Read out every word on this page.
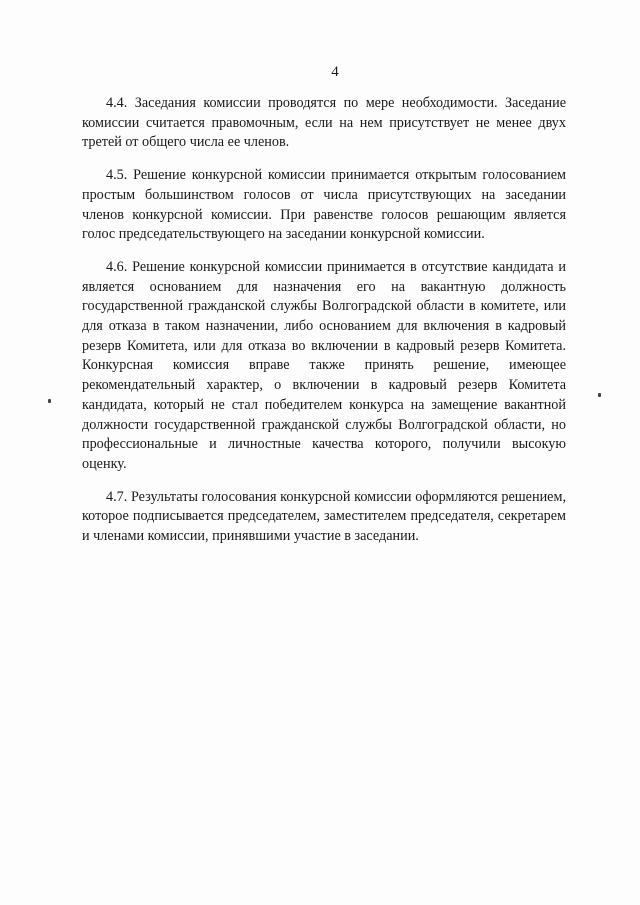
4

4.4. Заседания комиссии проводятся по мере необходимости. Заседание комиссии считается правомочным, если на нем присутствует не менее двух третей от общего числа ее членов.

4.5. Решение конкурсной комиссии принимается открытым голосованием простым большинством голосов от числа присутствующих на заседании членов конкурсной комиссии. При равенстве голосов решающим является голос председательствующего на заседании конкурсной комиссии.

4.6. Решение конкурсной комиссии принимается в отсутствие кандидата и является основанием для назначения его на вакантную должность государственной гражданской службы Волгоградской области в комитете, или для отказа в таком назначении, либо основанием для включения в кадровый резерв Комитета, или для отказа во включении в кадровый резерв Комитета. Конкурсная комиссия вправе также принять решение, имеющее рекомендательный характер, о включении в кадровый резерв Комитета кандидата, который не стал победителем конкурса на замещение вакантной должности государственной гражданской службы Волгоградской области, но профессиональные и личностные качества которого, получили высокую оценку.

4.7. Результаты голосования конкурсной комиссии оформляются решением, которое подписывается председателем, заместителем председателя, секретарем и членами комиссии, принявшими участие в заседании.
